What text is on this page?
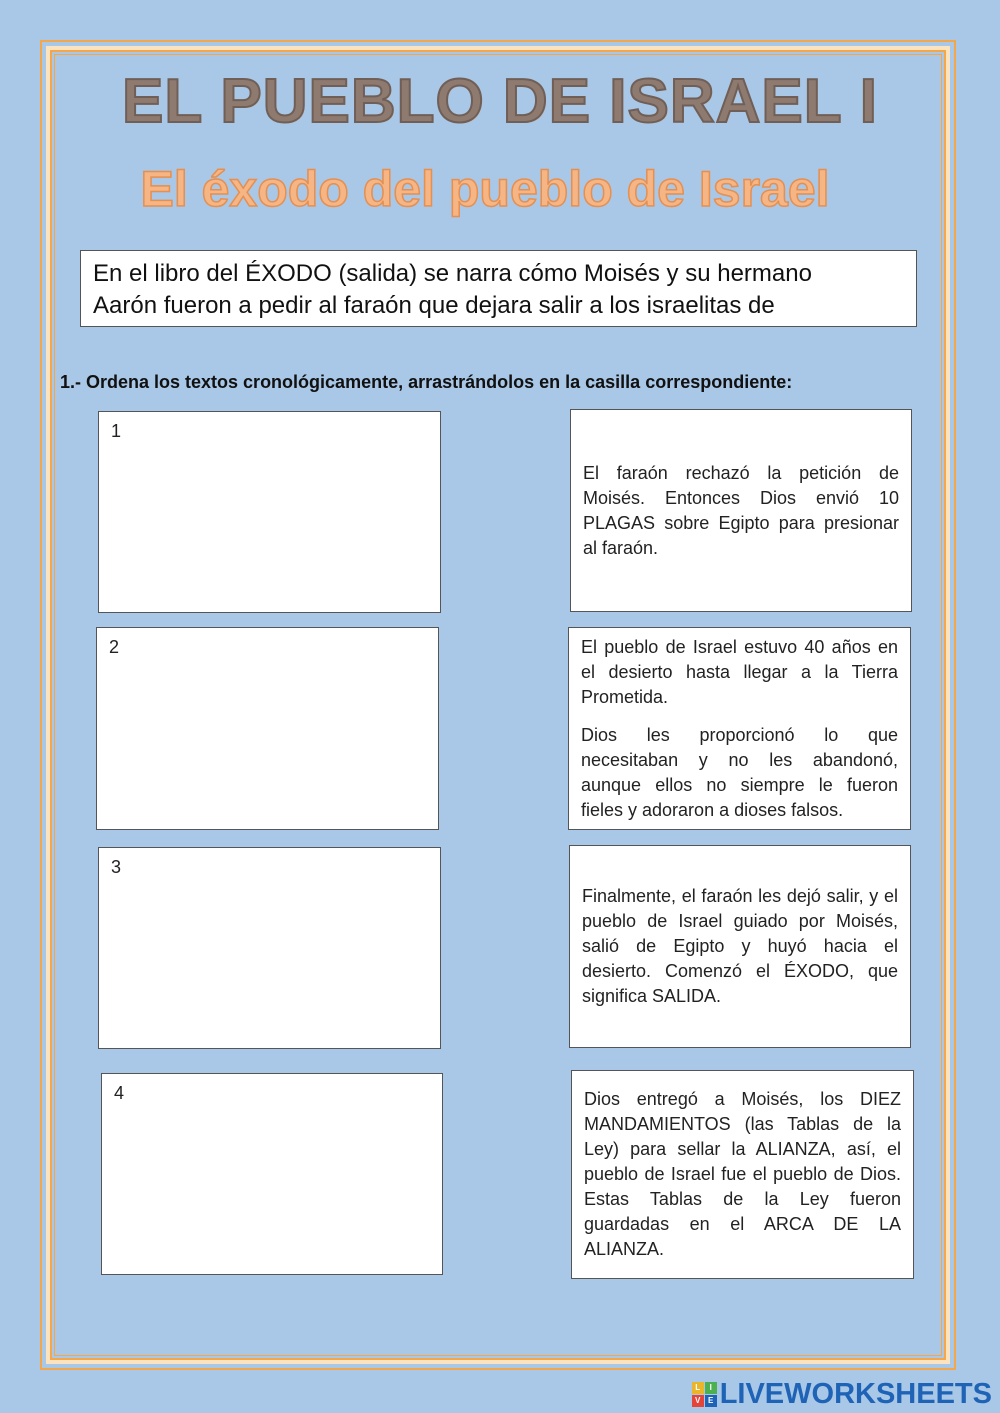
EL PUEBLO DE ISRAEL I
El éxodo del pueblo de Israel
En el libro del ÉXODO (salida) se narra cómo Moisés y su hermano
Aarón fueron a pedir al faraón que dejara salir a los israelitas de
1.- Ordena los textos cronológicamente, arrastrándolos en la casilla correspondiente:
1
2
3
4

El faraón rechazó la petición de Moisés. Entonces Dios envió 10 PLAGAS sobre Egipto para presionar al faraón.

El pueblo de Israel estuvo 40 años en el desierto hasta llegar a la Tierra Prometida.

Dios les proporcionó lo que necesitaban y no les abandonó, aunque ellos no siempre le fueron fieles y adoraron a dioses falsos.

Finalmente, el faraón les dejó salir, y el pueblo de Israel guiado por Moisés, salió de Egipto y huyó hacia el desierto. Comenzó el ÉXODO, que significa SALIDA.

Dios entregó a Moisés, los DIEZ MANDAMIENTOS (las Tablas de la Ley) para sellar la ALIANZA, así, el pueblo de Israel fue el pueblo de Dios. Estas Tablas de la Ley fueron guardadas en el ARCA DE LA ALIANZA.

L	I
V E LIVEWORKSHEETS
